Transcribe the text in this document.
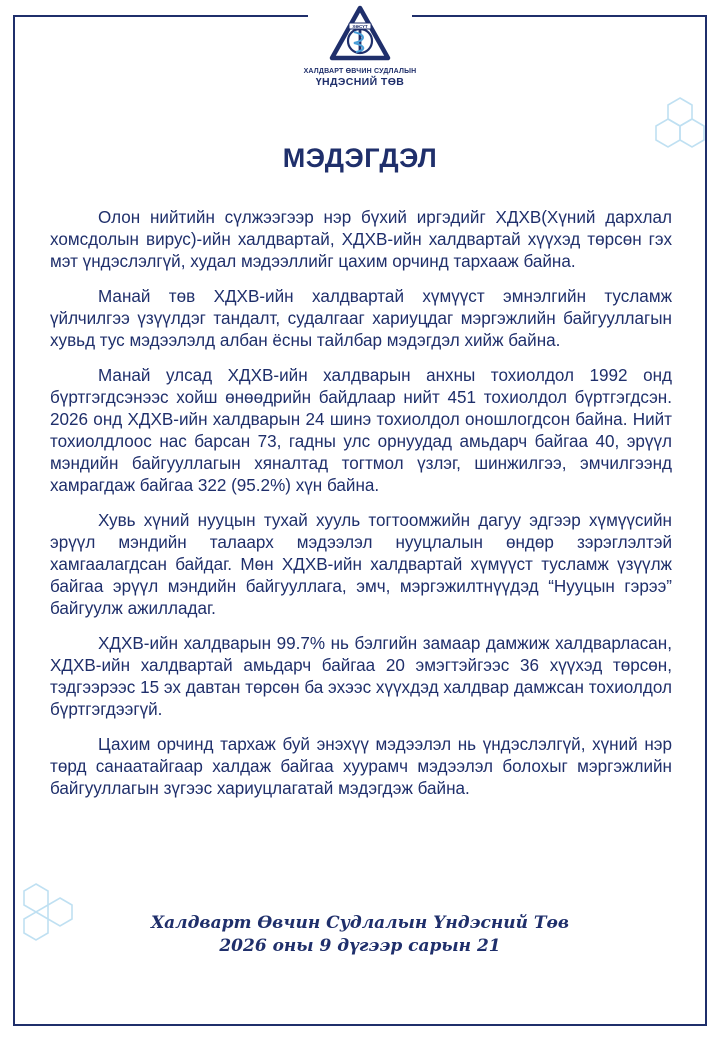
ХӨСҮТ
ХАЛДВАРТ ӨВЧИН СУДЛАЛЫН
ҮНДЭСНИЙ ТӨВ
МЭДЭГДЭЛ

Олон нийтийн сүлжээгээр нэр бүхий иргэдийг ХДХВ(Хүний дархлал хомсдолын вирус)-ийн халдвартай, ХДХВ-ийн халдвартай хүүхэд төрсөн гэх мэт үндэслэлгүй, худал мэдээллийг цахим орчинд тархааж байна.

Манай төв ХДХВ-ийн халдвартай хүмүүст эмнэлгийн тусламж үйлчилгээ үзүүлдэг тандалт, судалгааг хариуцдаг мэргэжлийн байгууллагын хувьд тус мэдээлэлд албан ёсны тайлбар мэдэгдэл хийж байна.

Манай улсад ХДХВ-ийн халдварын анхны тохиолдол 1992 онд бүртгэгдсэнээс хойш өнөөдрийн байдлаар нийт 451 тохиолдол бүртгэгдсэн. 2026 онд ХДХВ-ийн халдварын 24 шинэ тохиолдол оношлогдсон байна. Нийт тохиолдлоос нас барсан 73, гадны улс орнуудад амьдарч байгаа 40, эрүүл мэндийн байгууллагын хяналтад тогтмол үзлэг, шинжилгээ, эмчилгээнд хамрагдаж байгаа 322 (95.2%) хүн байна.

Хувь хүний нууцын тухай хууль тогтоомжийн дагуу эдгээр хүмүүсийн эрүүл мэндийн талаарх мэдээлэл нууцлалын өндөр зэрэглэлтэй хамгаалагдсан байдаг. Мөн ХДХВ-ийн халдвартай хүмүүст тусламж үзүүлж байгаа эрүүл мэндийн байгууллага, эмч, мэргэжилтнүүдэд “Нууцын гэрээ” байгуулж ажилладаг.

ХДХВ-ийн халдварын 99.7% нь бэлгийн замаар дамжиж халдварласан, ХДХВ-ийн халдвартай амьдарч байгаа 20 эмэгтэйгээс 36 хүүхэд төрсөн, тэдгээрээс 15 эх давтан төрсөн ба эхээс хүүхдэд халдвар дамжсан тохиолдол бүртгэгдээгүй.

Цахим орчинд тархаж буй энэхүү мэдээлэл нь үндэслэлгүй, хүний нэр төрд санаатайгаар халдаж байгаа хуурамч мэдээлэл болохыг мэргэжлийн байгууллагын зүгээс хариуцлагатай мэдэгдэж байна.

Халдварт Өвчин Судлалын Үндэсний Төв
2026 оны 9 дүгээр сарын 21
